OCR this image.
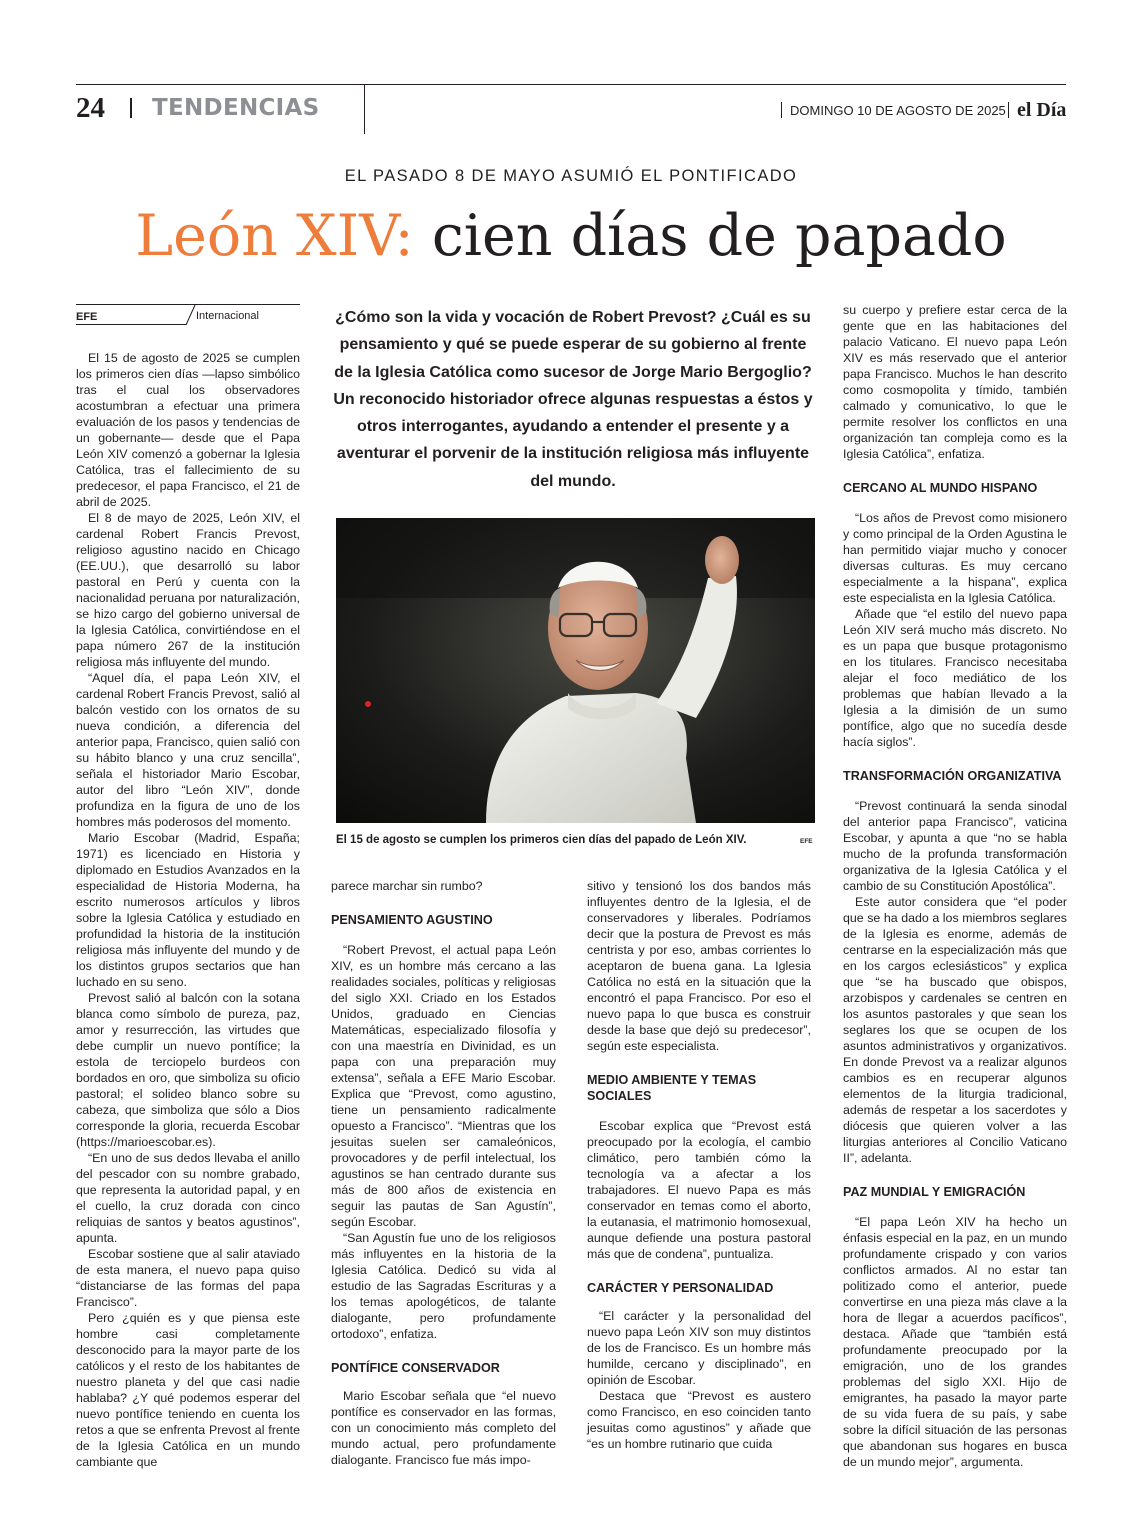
24 TENDENCIAS	DOMINGO 10 DE AGOSTO DE 2025 el Día
EL PASADO 8 DE MAYO ASUMIÓ EL PONTIFICADO
León XIV: cien días de papado
EFE	Internacional

El 15 de agosto de 2025 se cumplen los primeros cien días —lapso simbólico tras el cual los observadores acostumbran a efectuar una primera evaluación de los pasos y tendencias de un gobernante— desde que el Papa León XIV comenzó a gobernar la Iglesia Católica, tras el fallecimiento de su predecesor, el papa Francisco, el 21 de abril de 2025.

El 8 de mayo de 2025, León XIV, el cardenal Robert Francis Prevost, religioso agustino nacido en Chicago (EE.UU.), que desarrolló su labor pastoral en Perú y cuenta con la nacionalidad peruana por naturalización, se hizo cargo del gobierno universal de la Iglesia Católica, convirtiéndose en el papa número 267 de la institución religiosa más influyente del mundo.

“Aquel día, el papa León XIV, el cardenal Robert Francis Prevost, salió al balcón vestido con los ornatos de su nueva condición, a diferencia del anterior papa, Francisco, quien salió con su hábito blanco y una cruz sencilla”, señala el historiador Mario Escobar, autor del libro “León XIV”, donde profundiza en la figura de uno de los hombres más poderosos del momento.

Mario Escobar (Madrid, España; 1971) es licenciado en Historia y diplomado en Estudios Avanzados en la especialidad de Historia Moderna, ha escrito numerosos artículos y libros sobre la Iglesia Católica y estudiado en profundidad la historia de la institución religiosa más influyente del mundo y de los distintos grupos sectarios que han luchado en su seno.

Prevost salió al balcón con la sotana blanca como símbolo de pureza, paz, amor y resurrección, las virtudes que debe cumplir un nuevo pontífice; la estola de terciopelo burdeos con bordados en oro, que simboliza su oficio pastoral; el solideo blanco sobre su cabeza, que simboliza que sólo a Dios corresponde la gloria, recuerda Escobar (https://marioescobar.es).

“En uno de sus dedos llevaba el anillo del pescador con su nombre grabado, que representa la autoridad papal, y en el cuello, la cruz dorada con cinco reliquias de santos y beatos agustinos”, apunta.

Escobar sostiene que al salir ataviado de esta manera, el nuevo papa quiso “distanciarse de las formas del papa Francisco”.

Pero ¿quién es y que piensa este hombre casi completamente desconocido para la mayor parte de los católicos y el resto de los habitantes de nuestro planeta y del que casi nadie hablaba? ¿Y qué podemos esperar del nuevo pontífice teniendo en cuenta los retos a que se enfrenta Prevost al frente de la Iglesia Católica en un mundo cambiante que

¿Cómo son la vida y vocación de Robert Prevost? ¿Cuál es su pensamiento y qué se puede esperar de su gobierno al frente de la Iglesia Católica como sucesor de Jorge Mario Bergoglio? Un reconocido historiador ofrece algunas respuestas a éstos y otros interrogantes, ayudando a entender el presente y a aventurar el porvenir de la institución religiosa más influyente del mundo.
El 15 de agosto se cumplen los primeros cien días del papado de León XIV.	EFE

parece marchar sin rumbo?

PENSAMIENTO AGUSTINO

“Robert Prevost, el actual papa León XIV, es un hombre más cercano a las realidades sociales, políticas y religiosas del siglo XXI. Criado en los Estados Unidos, graduado en Ciencias Matemáticas, especializado filosofía y con una maestría en Divinidad, es un papa con una preparación muy extensa”, señala a EFE Mario Escobar. Explica que “Prevost, como agustino, tiene un pensamiento radicalmente opuesto a Francisco”. “Mientras que los jesuitas suelen ser camaleónicos, provocadores y de perfil intelectual, los agustinos se han centrado durante sus más de 800 años de existencia en seguir las pautas de San Agustín”, según Escobar.

“San Agustín fue uno de los religiosos más influyentes en la historia de la Iglesia Católica. Dedicó su vida al estudio de las Sagradas Escrituras y a los temas apologéticos, de talante dialogante, pero profundamente ortodoxo”, enfatiza.

PONTÍFICE CONSERVADOR

Mario Escobar señala que “el nuevo pontífice es conservador en las formas, con un conocimiento más completo del mundo actual, pero profundamente dialogante. Francisco fue más impo-

sitivo y tensionó los dos bandos más influyentes dentro de la Iglesia, el de conservadores y liberales. Podríamos decir que la postura de Prevost es más centrista y por eso, ambas corrientes lo aceptaron de buena gana. La Iglesia Católica no está en la situación que la encontró el papa Francisco. Por eso el nuevo papa lo que busca es construir desde la base que dejó su predecesor”, según este especialista.

MEDIO AMBIENTE Y TEMAS SOCIALES

Escobar explica que “Prevost está preocupado por la ecología, el cambio climático, pero también cómo la tecnología va a afectar a los trabajadores. El nuevo Papa es más conservador en temas como el aborto, la eutanasia, el matrimonio homosexual, aunque defiende una postura pastoral más que de condena”, puntualiza.

CARÁCTER Y PERSONALIDAD

“El carácter y la personalidad del nuevo papa León XIV son muy distintos de los de Francisco. Es un hombre más humilde, cercano y disciplinado”, en opinión de Escobar.

Destaca que “Prevost es austero como Francisco, en eso coinciden tanto jesuitas como agustinos” y añade que “es un hombre rutinario que cuida

su cuerpo y prefiere estar cerca de la gente que en las habitaciones del palacio Vaticano. El nuevo papa León XIV es más reservado que el anterior papa Francisco. Muchos le han descrito como cosmopolita y tímido, también calmado y comunicativo, lo que le permite resolver los conflictos en una organización tan compleja como es la Iglesia Católica”, enfatiza.

CERCANO AL MUNDO HISPANO

“Los años de Prevost como misionero y como principal de la Orden Agustina le han permitido viajar mucho y conocer diversas culturas. Es muy cercano especialmente a la hispana”, explica este especialista en la Iglesia Católica.

Añade que “el estilo del nuevo papa León XIV será mucho más discreto. No es un papa que busque protagonismo en los titulares. Francisco necesitaba alejar el foco mediático de los problemas que habían llevado a la Iglesia a la dimisión de un sumo pontífice, algo que no sucedía desde hacía siglos”.

TRANSFORMACIÓN ORGANIZATIVA

“Prevost continuará la senda sinodal del anterior papa Francisco”, vaticina Escobar, y apunta a que “no se habla mucho de la profunda transformación organizativa de la Iglesia Católica y el cambio de su Constitución Apostólica”.

Este autor considera que “el poder que se ha dado a los miembros seglares de la Iglesia es enorme, además de centrarse en la especialización más que en los cargos eclesiásticos” y explica que “se ha buscado que obispos, arzobispos y cardenales se centren en los asuntos pastorales y que sean los seglares los que se ocupen de los asuntos administrativos y organizativos. En donde Prevost va a realizar algunos cambios es en recuperar algunos elementos de la liturgia tradicional, además de respetar a los sacerdotes y diócesis que quieren volver a las liturgias anteriores al Concilio Vaticano II”, adelanta.

PAZ MUNDIAL Y EMIGRACIÓN

“El papa León XIV ha hecho un énfasis especial en la paz, en un mundo profundamente crispado y con varios conflictos armados. Al no estar tan politizado como el anterior, puede convertirse en una pieza más clave a la hora de llegar a acuerdos pacíficos”, destaca. Añade que “también está profundamente preocupado por la emigración, uno de los grandes problemas del siglo XXI. Hijo de emigrantes, ha pasado la mayor parte de su vida fuera de su país, y sabe sobre la difícil situación de las personas que abandonan sus hogares en busca de un mundo mejor”, argumenta.
